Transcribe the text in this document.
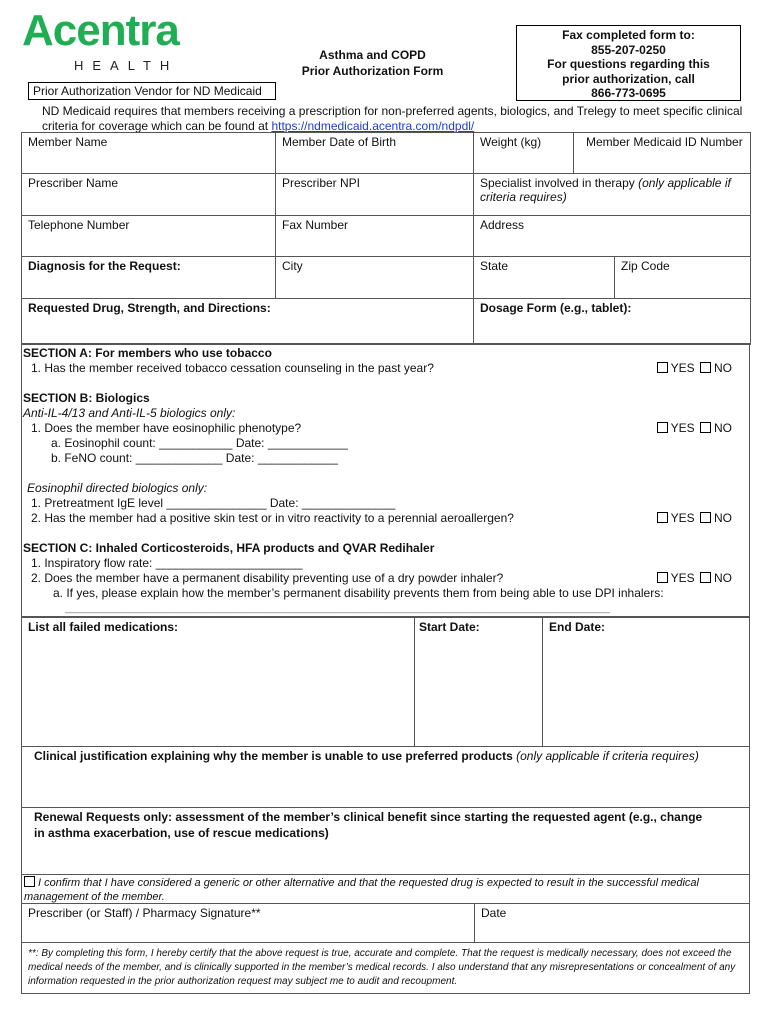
Acentra
HEALTH
Asthma and COPD
Prior Authorization Form
Fax completed form to:
855-207-0250
For questions regarding this
prior authorization, call
866-773-0695
Prior Authorization Vendor for ND Medicaid
ND Medicaid requires that members receiving a prescription for non-preferred agents, biologics, and Trelegy to meet specific clinical criteria for coverage which can be found at https://ndmedicaid.acentra.com/ndpdl/
Member Name	Member Date of Birth	Weight (kg)	Member Medicaid ID Number	
Prescriber Name	Prescriber NPI	Specialist involved in therapy (only applicable if criteria requires)		
Telephone Number	Fax Number	Address		
Diagnosis for the Request:	City	State		Zip Code
Requested Drug, Strength, and Directions:		Dosage Form (e.g., tablet):		
SECTION A: For members who use tobacco
1. Has the member received tobacco cessation counseling in the past year?	YES NO
SECTION B: Biologics
Anti-IL-4/13 and Anti-IL-5 biologics only:
1. Does the member have eosinophilic phenotype?	YES NO
a. Eosinophil count: ___________ Date: ____________
b. FeNO count: _____________ Date: ____________
Eosinophil directed biologics only:
1. Pretreatment IgE level _______________ Date: ______________
2. Has the member had a positive skin test or in vitro reactivity to a perennial aeroallergen?	YES NO
SECTION C: Inhaled Corticosteroids, HFA products and QVAR Redihaler
1. Inspiratory flow rate: ______________________
2. Does the member have a permanent disability preventing use of a dry powder inhaler?	YES NO
a. If yes, please explain how the member’s permanent disability prevents them from being able to use DPI inhalers:
__________________________________________________________________________________________________
List all failed medications:	Start Date:	End Date:
Clinical justification explaining why the member is unable to use preferred products (only applicable if criteria requires)
Renewal Requests only: assessment of the member’s clinical benefit since starting the requested agent (e.g., change in asthma exacerbation, use of rescue medications)
I confirm that I have considered a generic or other alternative and that the requested drug is expected to result in the successful medical management of the member.
Prescriber (or Staff) / Pharmacy Signature**	Date
**: By completing this form, I hereby certify that the above request is true, accurate and complete. That the request is medically necessary, does not exceed the medical needs of the member, and is clinically supported in the member’s medical records. I also understand that any misrepresentations or concealment of any information requested in the prior authorization request may subject me to audit and recoupment.
